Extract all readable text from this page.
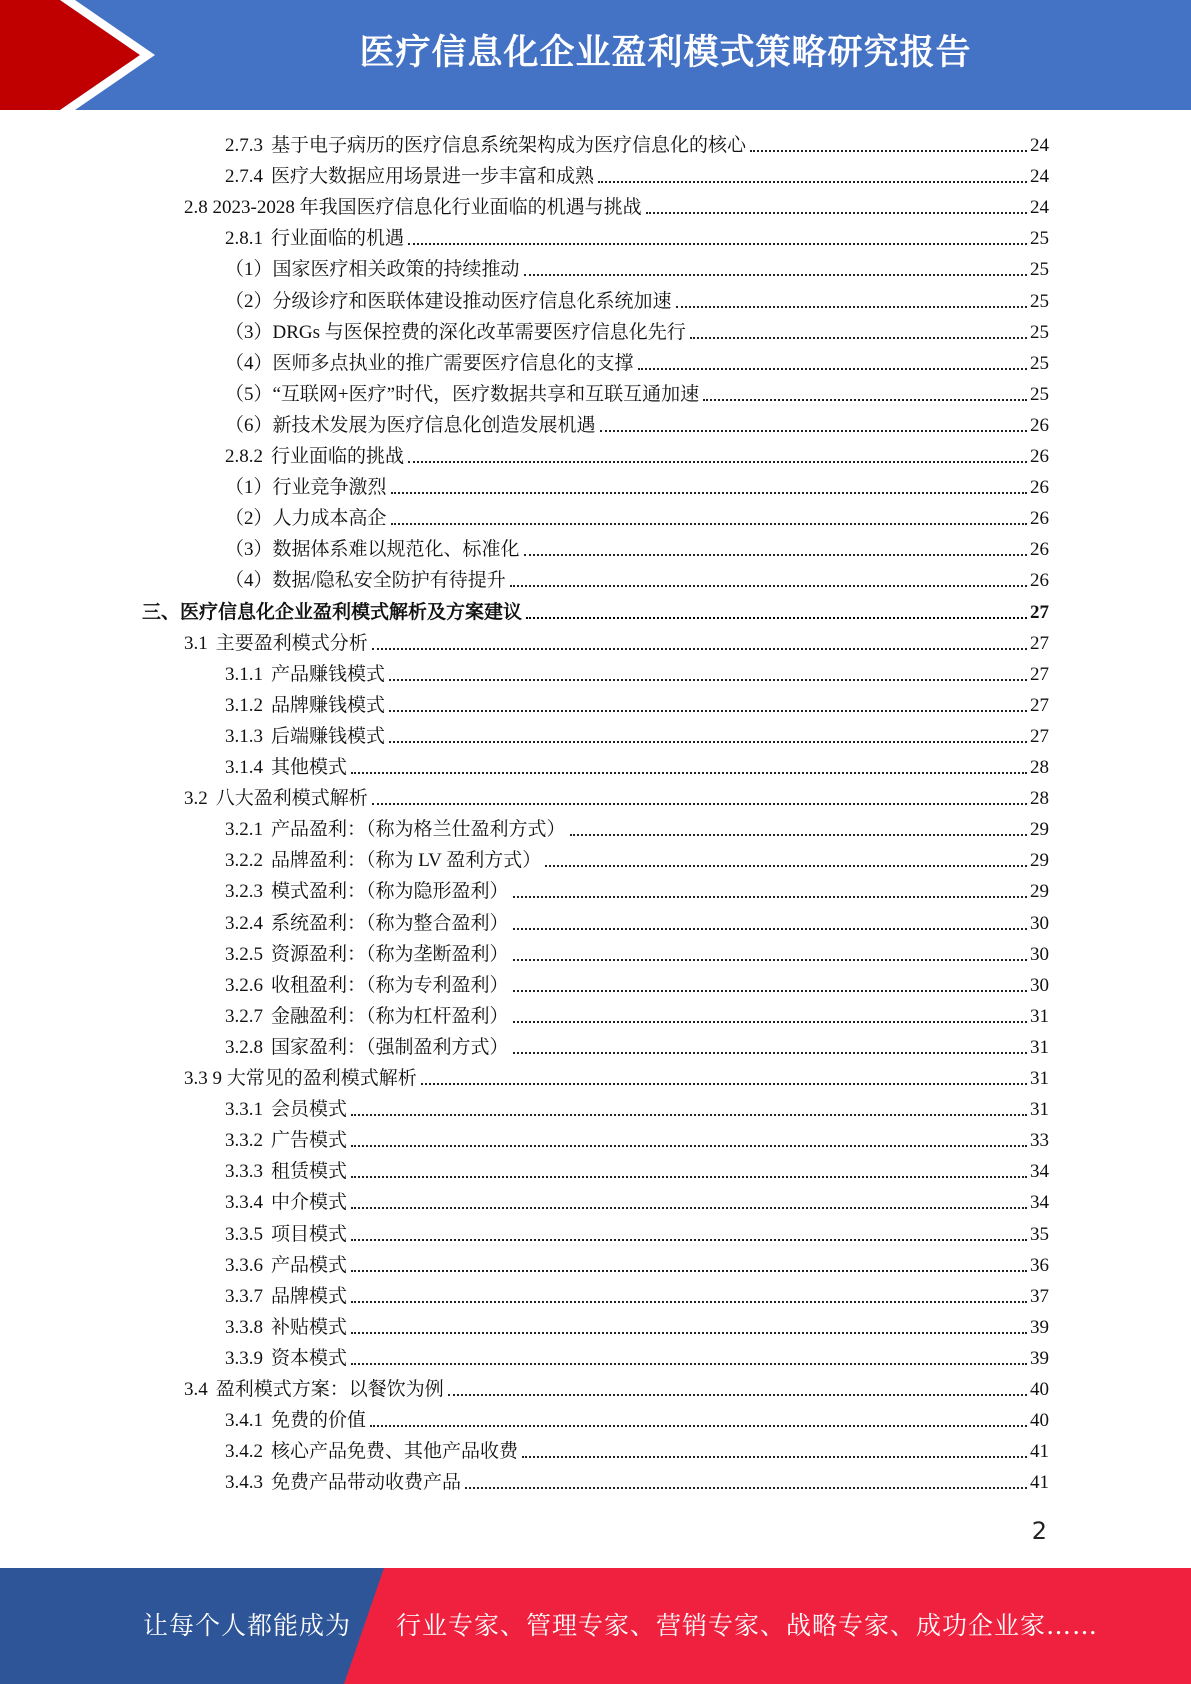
医疗信息化企业盈利模式策略研究报告
2.7.3 基于电子病历的医疗信息系统架构成为医疗信息化的核心	24
2.7.4 医疗大数据应用场景进一步丰富和成熟	24
2.8 2023-2028 年我国医疗信息化行业面临的机遇与挑战	24
2.8.1 行业面临的机遇	25
（1）国家医疗相关政策的持续推动	25
（2）分级诊疗和医联体建设推动医疗信息化系统加速	25
（3）DRGs 与医保控费的深化改革需要医疗信息化先行	25
（4）医师多点执业的推广需要医疗信息化的支撑	25
（5）“互联网+医疗”时代，医疗数据共享和互联互通加速	25
（6）新技术发展为医疗信息化创造发展机遇	26
2.8.2 行业面临的挑战	26
（1）行业竞争激烈	26
（2）人力成本高企	26
（3）数据体系难以规范化、标准化	26
（4）数据/隐私安全防护有待提升	26
三、医疗信息化企业盈利模式解析及方案建议	27
3.1 主要盈利模式分析	27
3.1.1 产品赚钱模式	27
3.1.2 品牌赚钱模式	27
3.1.3 后端赚钱模式	27
3.1.4 其他模式	28
3.2 八大盈利模式解析	28
3.2.1 产品盈利：（称为格兰仕盈利方式）	29
3.2.2 品牌盈利：（称为 LV 盈利方式）	29
3.2.3 模式盈利：（称为隐形盈利）	29
3.2.4 系统盈利：（称为整合盈利）	30
3.2.5 资源盈利：（称为垄断盈利）	30
3.2.6 收租盈利：（称为专利盈利）	30
3.2.7 金融盈利：（称为杠杆盈利）	31
3.2.8 国家盈利：（强制盈利方式）	31
3.3 9 大常见的盈利模式解析	31
3.3.1 会员模式	31
3.3.2 广告模式	33
3.3.3 租赁模式	34
3.3.4 中介模式	34
3.3.5 项目模式	35
3.3.6 产品模式	36
3.3.7 品牌模式	37
3.3.8 补贴模式	39
3.3.9 资本模式	39
3.4 盈利模式方案：以餐饮为例	40
3.4.1 免费的价值	40
3.4.2 核心产品免费、其他产品收费	41
3.4.3 免费产品带动收费产品	41
2
让每个人都能成为 行业专家、管理专家、营销专家、战略专家、成功企业家……
